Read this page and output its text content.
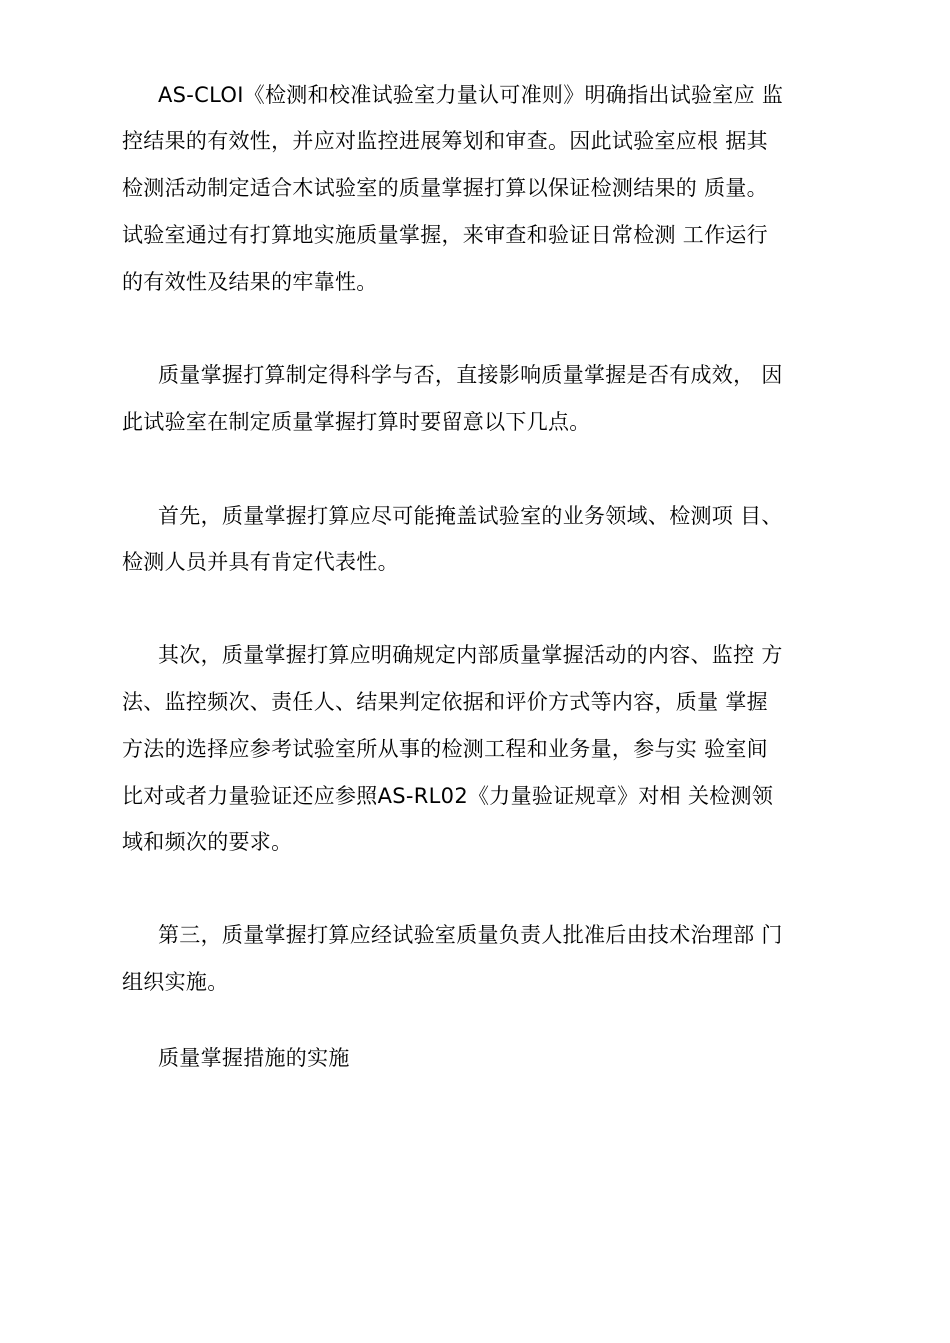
AS-CLOI《检测和校准试验室力量认可准则》明确指出试验室应 监
控结果的有效性，并应对监控进展筹划和审查。因此试验室应根 据其
检测活动制定适合木试验室的质量掌握打算以保证检测结果的 质量。
试验室通过有打算地实施质量掌握，来审查和验证日常检测 工作运行
的有效性及结果的牢靠性。
质量掌握打算制定得科学与否，直接影响质量掌握是否有成效， 因
此试验室在制定质量掌握打算时要留意以下几点。
首先，质量掌握打算应尽可能掩盖试验室的业务领域、检测项 目、
检测人员并具有肯定代表性。
其次，质量掌握打算应明确规定内部质量掌握活动的内容、监控 方
法、监控频次、责任人、结果判定依据和评价方式等内容，质量 掌握
方法的选择应参考试验室所从事的检测工程和业务量，参与实 验室间
比对或者力量验证还应参照AS-RL02《力量验证规章》对相 关检测领
域和频次的要求。
第三，质量掌握打算应经试验室质量负责人批准后由技术治理部 门
组织实施。
质量掌握措施的实施
